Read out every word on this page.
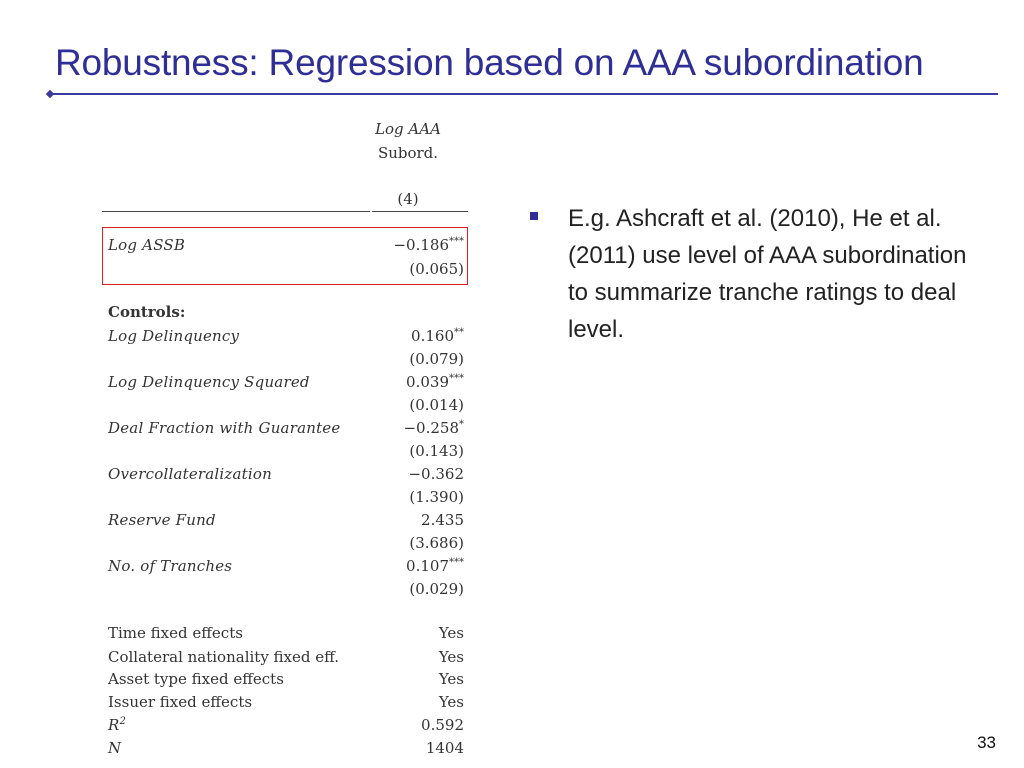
Robustness: Regression based on AAA subordination
Log AAA
Subord.
(4)
Log ASSB	−0.186***
(0.065)
Controls:
Log Delinquency	0.160**
(0.079)
Log Delinquency Squared	0.039***
(0.014)
Deal Fraction with Guarantee	−0.258*
(0.143)
Overcollateralization	−0.362
(1.390)
Reserve Fund	2.435
(3.686)
No. of Tranches	0.107***
(0.029)
Time fixed effects	Yes
Collateral nationality fixed eff.	Yes
Asset type fixed effects	Yes
Issuer fixed effects	Yes
$R^2$	0.592
N	1404
E.g. Ashcraft et al. (2010), He et al. (2011) use level of AAA subordination to summarize tranche ratings to deal level.
33
